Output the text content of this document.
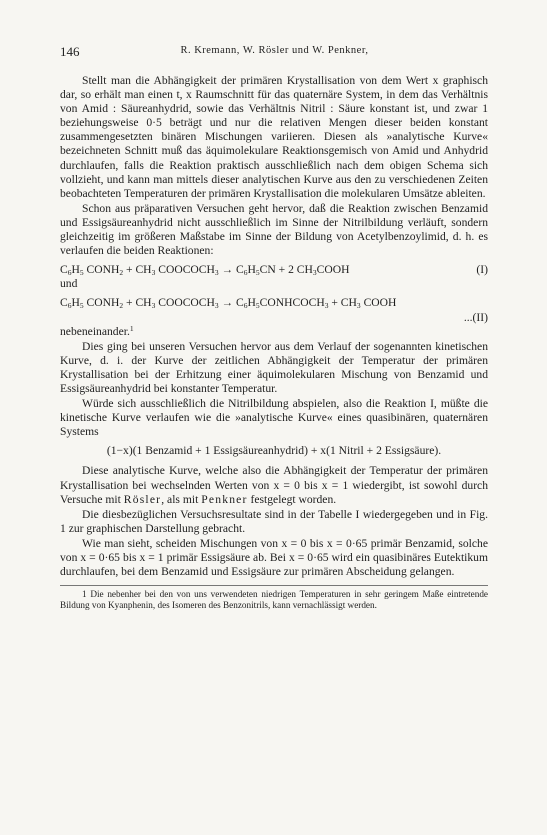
146	R. Kremann, W. Rösler und W. Penkner,

Stellt man die Abhängigkeit der primären Krystallisation von dem Wert x graphisch dar, so erhält man einen t, x Raumschnitt für das quaternäre System, in dem das Verhältnis von Amid : Säureanhydrid, sowie das Verhältnis Nitril : Säure konstant ist, und zwar 1 beziehungsweise 0·5 beträgt und nur die relativen Mengen dieser beiden konstant zusammengesetzten binären Mischungen variieren. Diesen als »analytische Kurve« bezeichneten Schnitt muß das äquimolekulare Reaktionsgemisch von Amid und Anhydrid durchlaufen, falls die Reaktion praktisch ausschließlich nach dem obigen Schema sich vollzieht, und kann man mittels dieser analytischen Kurve aus den zu verschiedenen Zeiten beobachteten Temperaturen der primären Krystallisation die molekularen Umsätze ableiten.

Schon aus präparativen Versuchen geht hervor, daß die Reaktion zwischen Benzamid und Essigsäureanhydrid nicht ausschließlich im Sinne der Nitrilbildung verläuft, sondern gleichzeitig im größeren Maßstabe im Sinne der Bildung von Acetylbenzoylimid, d. h. es verlaufen die beiden Reaktionen:

$C_6H_5$ $CONH_2 + CH_3$ $COOCOCH_3 \to C_6H_5CN + 2$ $CH_3COOH$	(I)
und
$C_6H_5$ $CONH_2 + CH_3$ $COOCOCH_3$ → $C_6H_5CONHCOCH_3 + CH_3$ COOH
...(II)

nebeneinander.$^1$

Dies ging bei unseren Versuchen hervor aus dem Verlauf der sogenannten kinetischen Kurve, d. i. der Kurve der zeitlichen Abhängigkeit der Temperatur der primären Krystallisation bei der Erhitzung einer äquimolekularen Mischung von Benzamid und Essigsäureanhydrid bei konstanter Temperatur.

Würde sich ausschließlich die Nitrilbildung abspielen, also die Reaktion I, müßte die kinetische Kurve verlaufen wie die »analytische Kurve« eines quasibinären, quaternären Systems

(1−x)(1 Benzamid + 1 Essigsäureanhydrid) + x(1 Nitril + 2 Essigsäure).

Diese analytische Kurve, welche also die Abhängigkeit der Temperatur der primären Krystallisation bei wechselnden Werten von x = 0 bis x = 1 wiedergibt, ist sowohl durch Versuche mit Rösler, als mit Penkner festgelegt worden.

Die diesbezüglichen Versuchsresultate sind in der Tabelle I wiedergegeben und in Fig. 1 zur graphischen Darstellung gebracht.

Wie man sieht, scheiden Mischungen von x = 0 bis x = 0·65 primär Benzamid, solche von x = 0·65 bis x = 1 primär Essigsäure ab. Bei x = 0·65 wird ein quasibinäres Eutektikum durchlaufen, bei dem Benzamid und Essigsäure zur primären Abscheidung gelangen.

1 Die nebenher bei den von uns verwendeten niedrigen Temperaturen in sehr geringem Maße eintretende Bildung von Kyanphenin, des Isomeren des Benzonitrils, kann vernachlässigt werden.
